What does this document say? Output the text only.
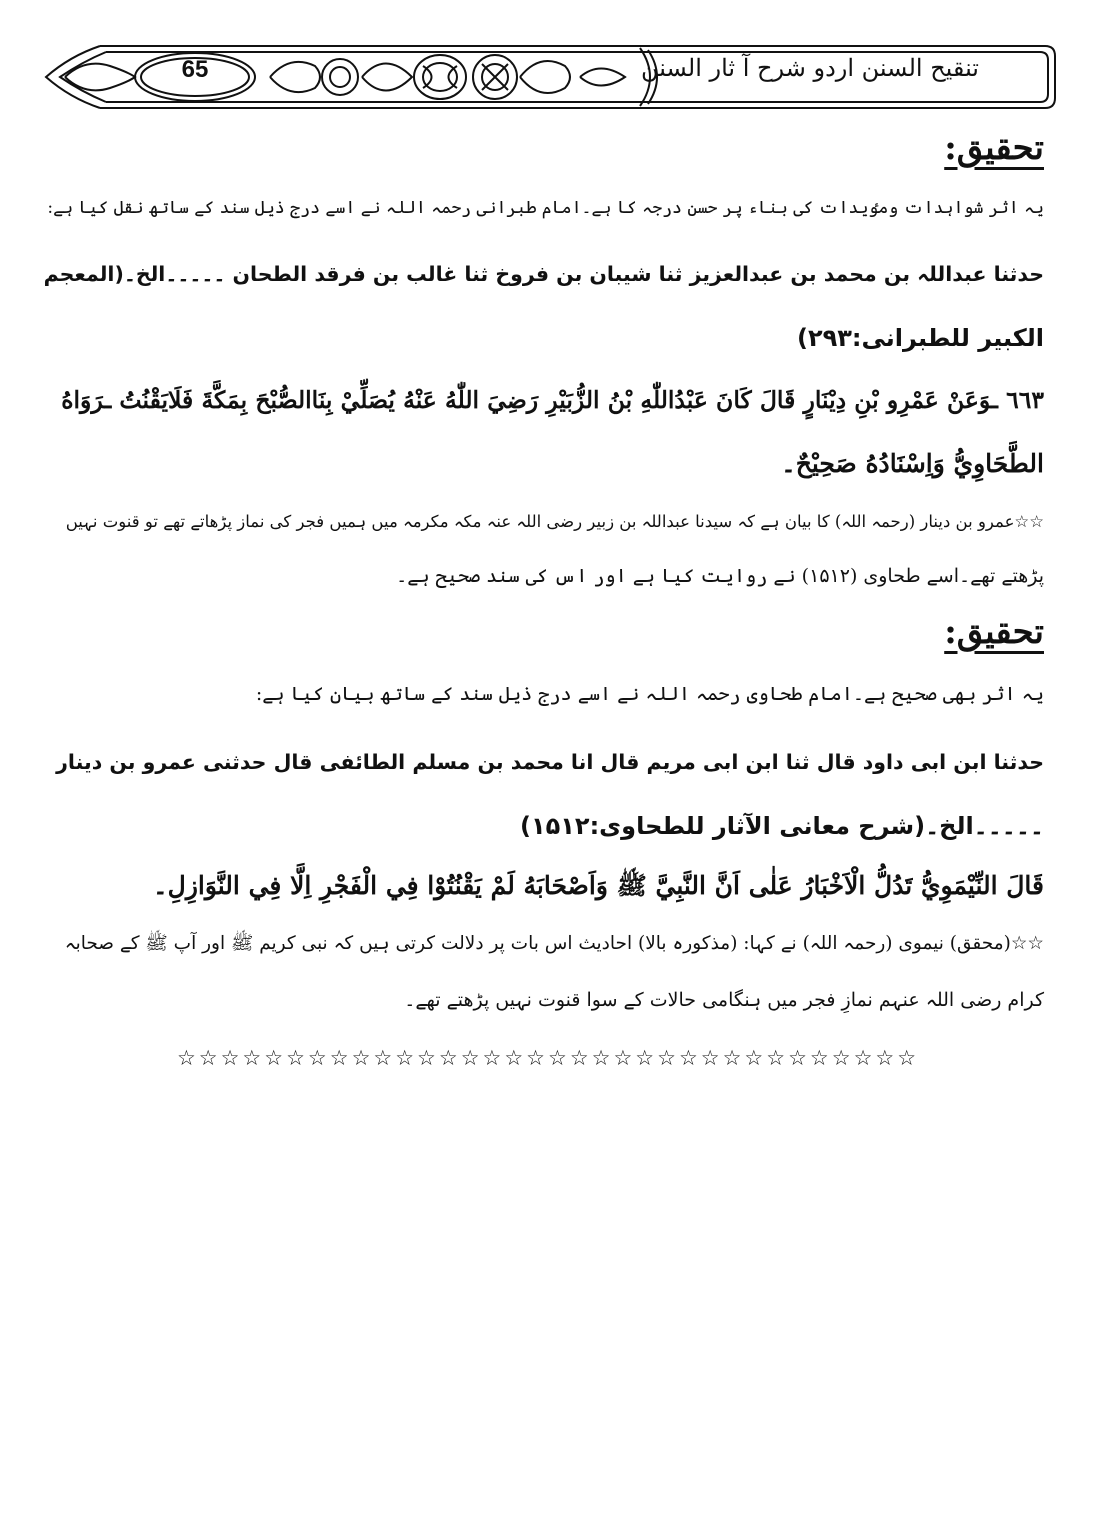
65	تنقیح السنن اردو شرح آ ثار السنن
تحقیق:
یہ اثر شواہدات وموٴیدات کی بناء پر حسن درجہ کا ہے۔امام طبرانی رحمہ اللہ نے اسے درج ذیل سند کے ساتھ نقل کیا ہے:
حدثنا عبداللہ بن محمد بن عبدالعزیز ثنا شیبان بن فروخ ثنا غالب بن فرقد الطحان ۔۔۔۔۔الخ۔(المعجم
الکبیر للطبرانی:۲۹۳)
٦٦٣ ـوَعَنْ عَمْرِو بْنِ دِيْنَارٍ قَالَ كَانَ عَبْدُاللّٰهِ بْنُ الزُّبَيْرِ رَضِيَ اللّٰهُ عَنْهُ يُصَلِّيْ بِنَاالصُّبْحَ بِمَكَّةَ فَلَايَقْنُتُ ـرَوَاهُ
الطَّحَاوِيُّ وَاِسْنَادُهُ صَحِيْحٌ۔
☆☆عمرو بن دینار (رحمہ اللہ) کا بیان ہے کہ سیدنا عبداللہ بن زبیر رضی اللہ عنہ مکہ مکرمہ میں ہمیں فجر کی نماز پڑھاتے تھے تو قنوت نہیں
پڑھتے تھے۔اسے طحاوی (۱۵۱۲) نے روایت کیا ہے اور اس کی سند صحیح ہے۔
تحقیق:
یہ اثر بھی صحیح ہے۔امام طحاوی رحمہ اللہ نے اسے درج ذیل سند کے ساتھ بیان کیا ہے:
حدثنا ابن ابی داود قال ثنا ابن ابی مریم قال انا محمد بن مسلم الطائفی قال حدثنی عمرو بن دینار
۔۔۔۔۔الخ۔(شرح معانی الآثار للطحاوی:۱۵۱۲)
قَالَ النِّيْمَوِيُّ تَدُلُّ الْاَخْبَارُ عَلٰى اَنَّ النَّبِيَّ ﷺ وَاَصْحَابَهُ لَمْ يَقْنُتُوْا فِي الْفَجْرِ اِلَّا فِي النَّوَازِلِ۔
☆☆(محقق) نیموی (رحمہ اللہ) نے کہا: (مذکورہ بالا) احادیث اس بات پر دلالت کرتی ہیں کہ نبی کریم ﷺ اور آپ ﷺ کے صحابہ
کرام رضی اللہ عنہم نمازِ فجر میں ہنگامی حالات کے سوا قنوت نہیں پڑھتے تھے۔
☆☆☆☆☆☆☆☆☆☆☆☆☆☆☆☆☆☆☆☆☆☆☆☆☆☆☆☆☆☆☆☆☆☆
